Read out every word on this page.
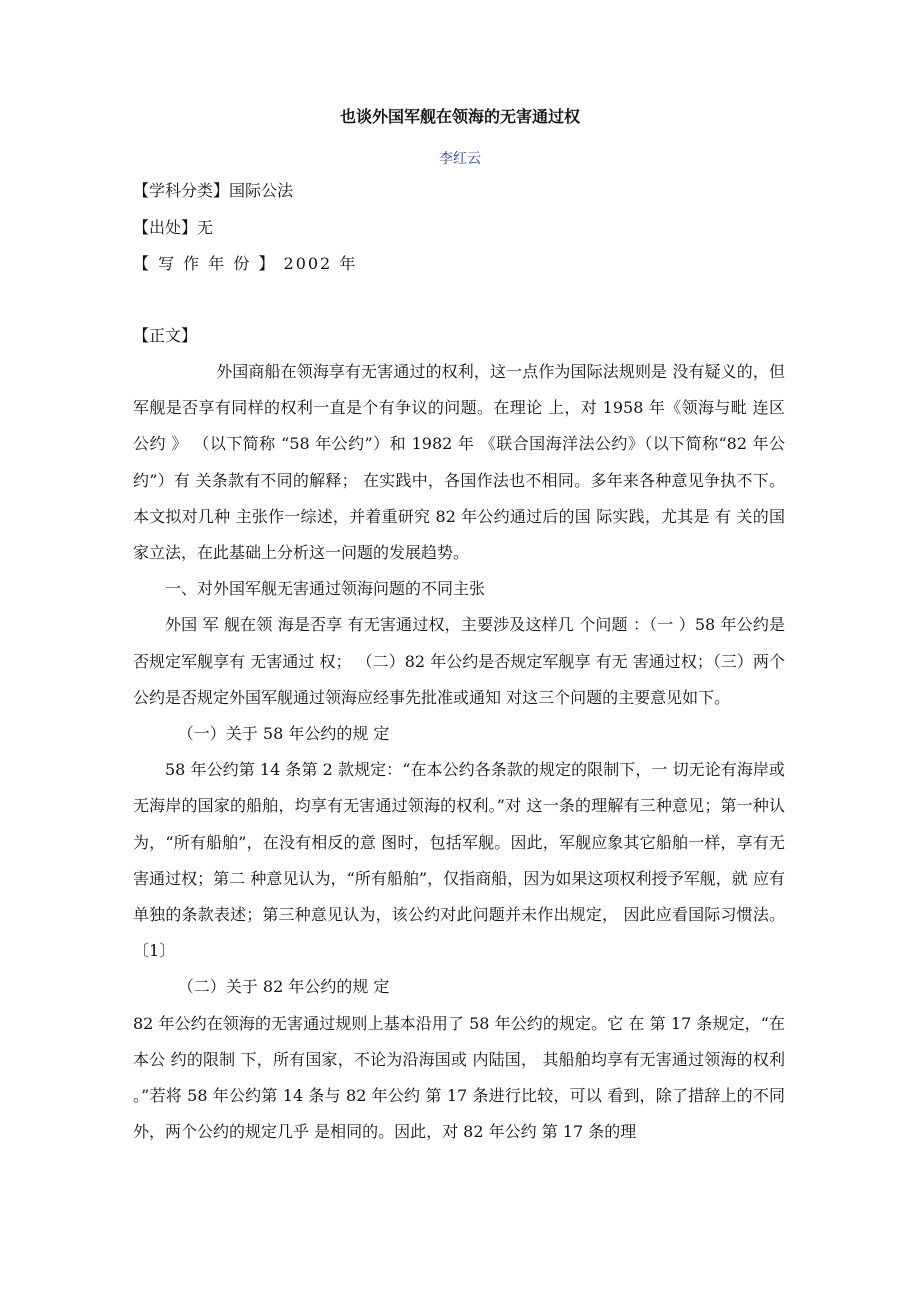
也谈外国军舰在领海的无害通过权
李红云
【学科分类】国际公法
【出处】无
【 写 作 年 份 】 2002 年
【正文】

外国商船在领海享有无害通过的权利，这一点作为国际法规则是 没有疑义的，但军舰是否享有同样的权利一直是个有争议的问题。在理论 上，对 1958 年《领海与毗 连区公约 》 （以下简称 “58 年公约”）和 1982 年 《联合国海洋法公约》（以下简称“82 年公约”）有 关条款有不同的解释； 在实践中，各国作法也不相同。多年来各种意见争执不下。本文拟对几种 主张作一综述，并着重研究 82 年公约通过后的国 际实践，尤其是 有 关的国 家立法，在此基础上分析这一问题的发展趋势。

一、对外国军舰无害通过领海问题的不同主张

外国 军 舰在领 海是否享 有无害通过权，主要涉及这样几 个问题 ：（一 ）58 年公约是否规定军舰享有 无害通过 权； （二）82 年公约是否规定军舰享 有无 害通过权；（三）两个公约是否规定外国军舰通过领海应经事先批准或通知 对这三个问题的主要意见如下。

（一）关于 58 年公约的规 定

58 年公约第 14 条第 2 款规定：“在本公约各条款的规定的限制下，一 切无论有海岸或无海岸的国家的船舶，均享有无害通过领海的权利。”对 这一条的理解有三种意见；第一种认为，“所有船舶”，在没有相反的意 图时，包括军舰。因此，军舰应象其它船舶一样，享有无害通过权；第二 种意见认为，“所有船舶”，仅指商船，因为如果这项权利授予军舰，就 应有单独的条款表述；第三种意见认为，该公约对此问题并未作出规定， 因此应看国际习惯法。〔1〕

（二）关于 82 年公约的规 定

82 年公约在领海的无害通过规则上基本沿用了 58 年公约的规定。它 在 第 17 条规定，“在本公 约的限制 下，所有国家，不论为沿海国或 内陆国， 其船舶均享有无害通过领海的权利 。”若将 58 年公约第 14 条与 82 年公约 第 17 条进行比较，可以 看到，除了措辞上的不同外，两个公约的规定几乎 是相同的。因此，对 82 年公约 第 17 条的理
